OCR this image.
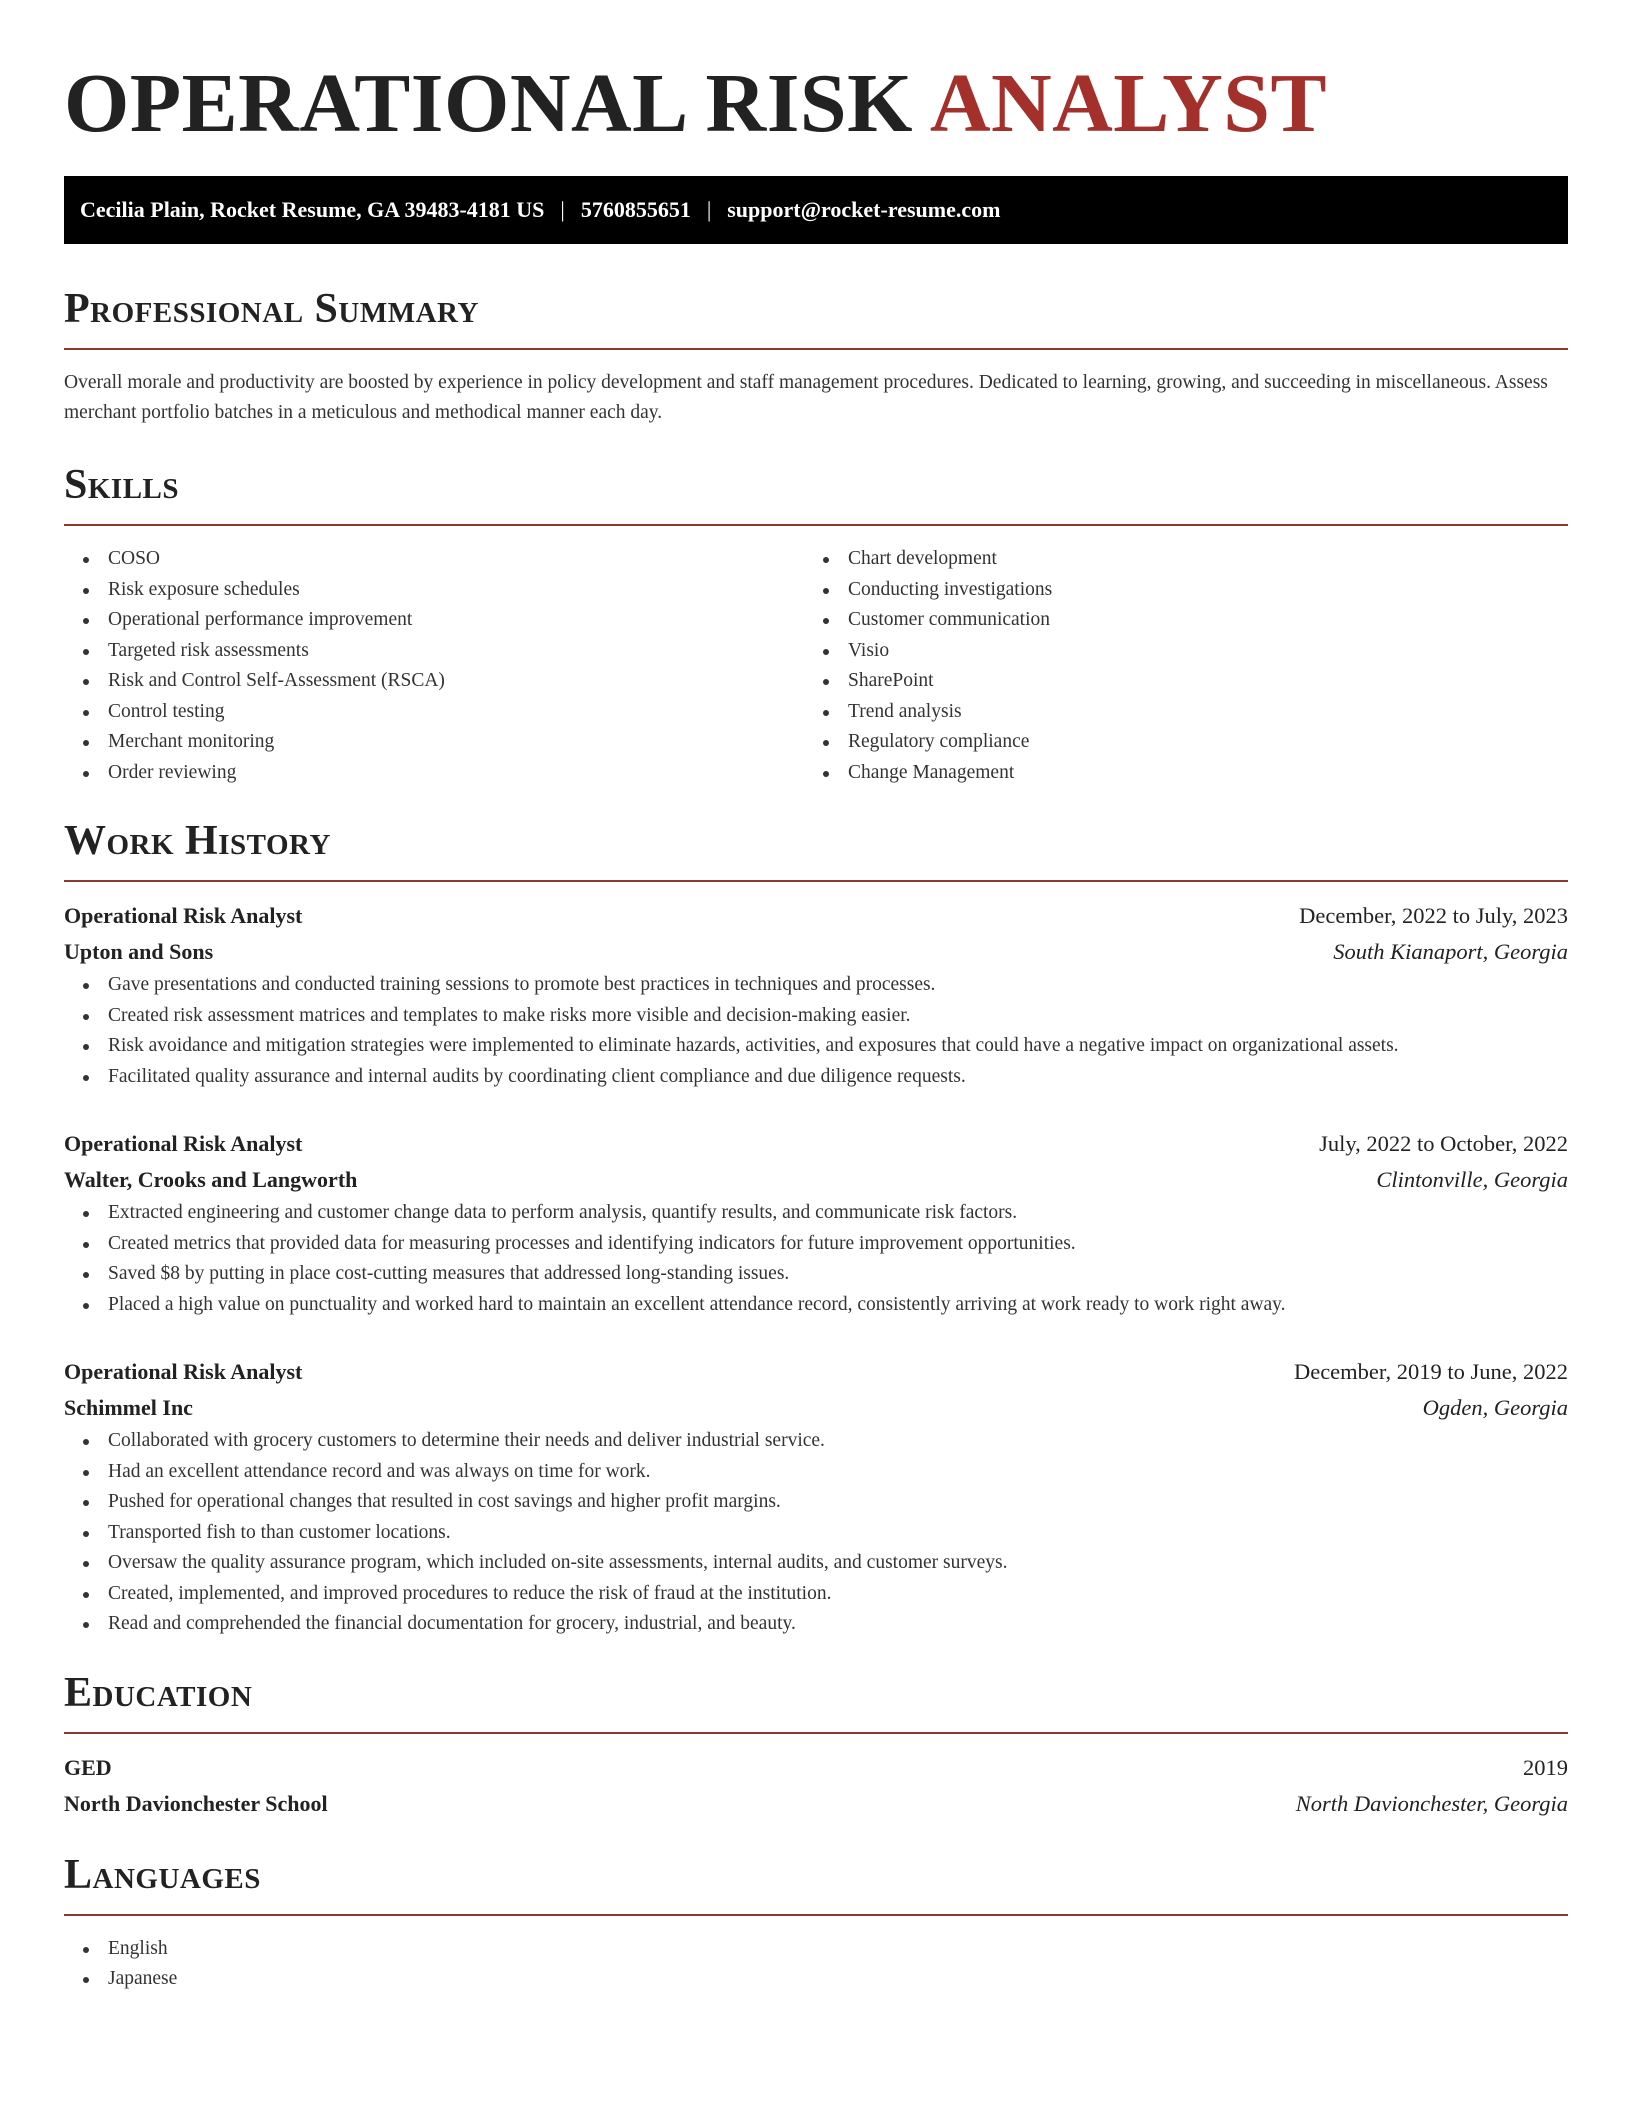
OPERATIONAL RISK ANALYST
Cecilia Plain, Rocket Resume, GA 39483-4181 US | 5760855651 | support@rocket-resume.com
Professional Summary

Overall morale and productivity are boosted by experience in policy development and staff management procedures. Dedicated to learning, growing, and succeeding in miscellaneous. Assess merchant portfolio batches in a meticulous and methodical manner each day.

Skills
COSO
Risk exposure schedules
Operational performance improvement
Targeted risk assessments
Risk and Control Self-Assessment (RSCA)
Control testing
Merchant monitoring
Order reviewing
Chart development
Conducting investigations
Customer communication
Visio
SharePoint
Trend analysis
Regulatory compliance
Change Management
Work History
Operational Risk Analyst	December, 2022 to July, 2023
Upton and Sons	South Kianaport, Georgia
Gave presentations and conducted training sessions to promote best practices in techniques and processes.
Created risk assessment matrices and templates to make risks more visible and decision-making easier.
Risk avoidance and mitigation strategies were implemented to eliminate hazards, activities, and exposures that could have a negative impact on organizational assets.
Facilitated quality assurance and internal audits by coordinating client compliance and due diligence requests.
Operational Risk Analyst	July, 2022 to October, 2022
Walter, Crooks and Langworth	Clintonville, Georgia
Extracted engineering and customer change data to perform analysis, quantify results, and communicate risk factors.
Created metrics that provided data for measuring processes and identifying indicators for future improvement opportunities.
Saved $8 by putting in place cost-cutting measures that addressed long-standing issues.
Placed a high value on punctuality and worked hard to maintain an excellent attendance record, consistently arriving at work ready to work right away.
Operational Risk Analyst	December, 2019 to June, 2022
Schimmel Inc	Ogden, Georgia
Collaborated with grocery customers to determine their needs and deliver industrial service.
Had an excellent attendance record and was always on time for work.
Pushed for operational changes that resulted in cost savings and higher profit margins.
Transported fish to than customer locations.
Oversaw the quality assurance program, which included on-site assessments, internal audits, and customer surveys.
Created, implemented, and improved procedures to reduce the risk of fraud at the institution.
Read and comprehended the financial documentation for grocery, industrial, and beauty.
Education
GED	2019
North Davionchester School	North Davionchester, Georgia
Languages
English
Japanese
